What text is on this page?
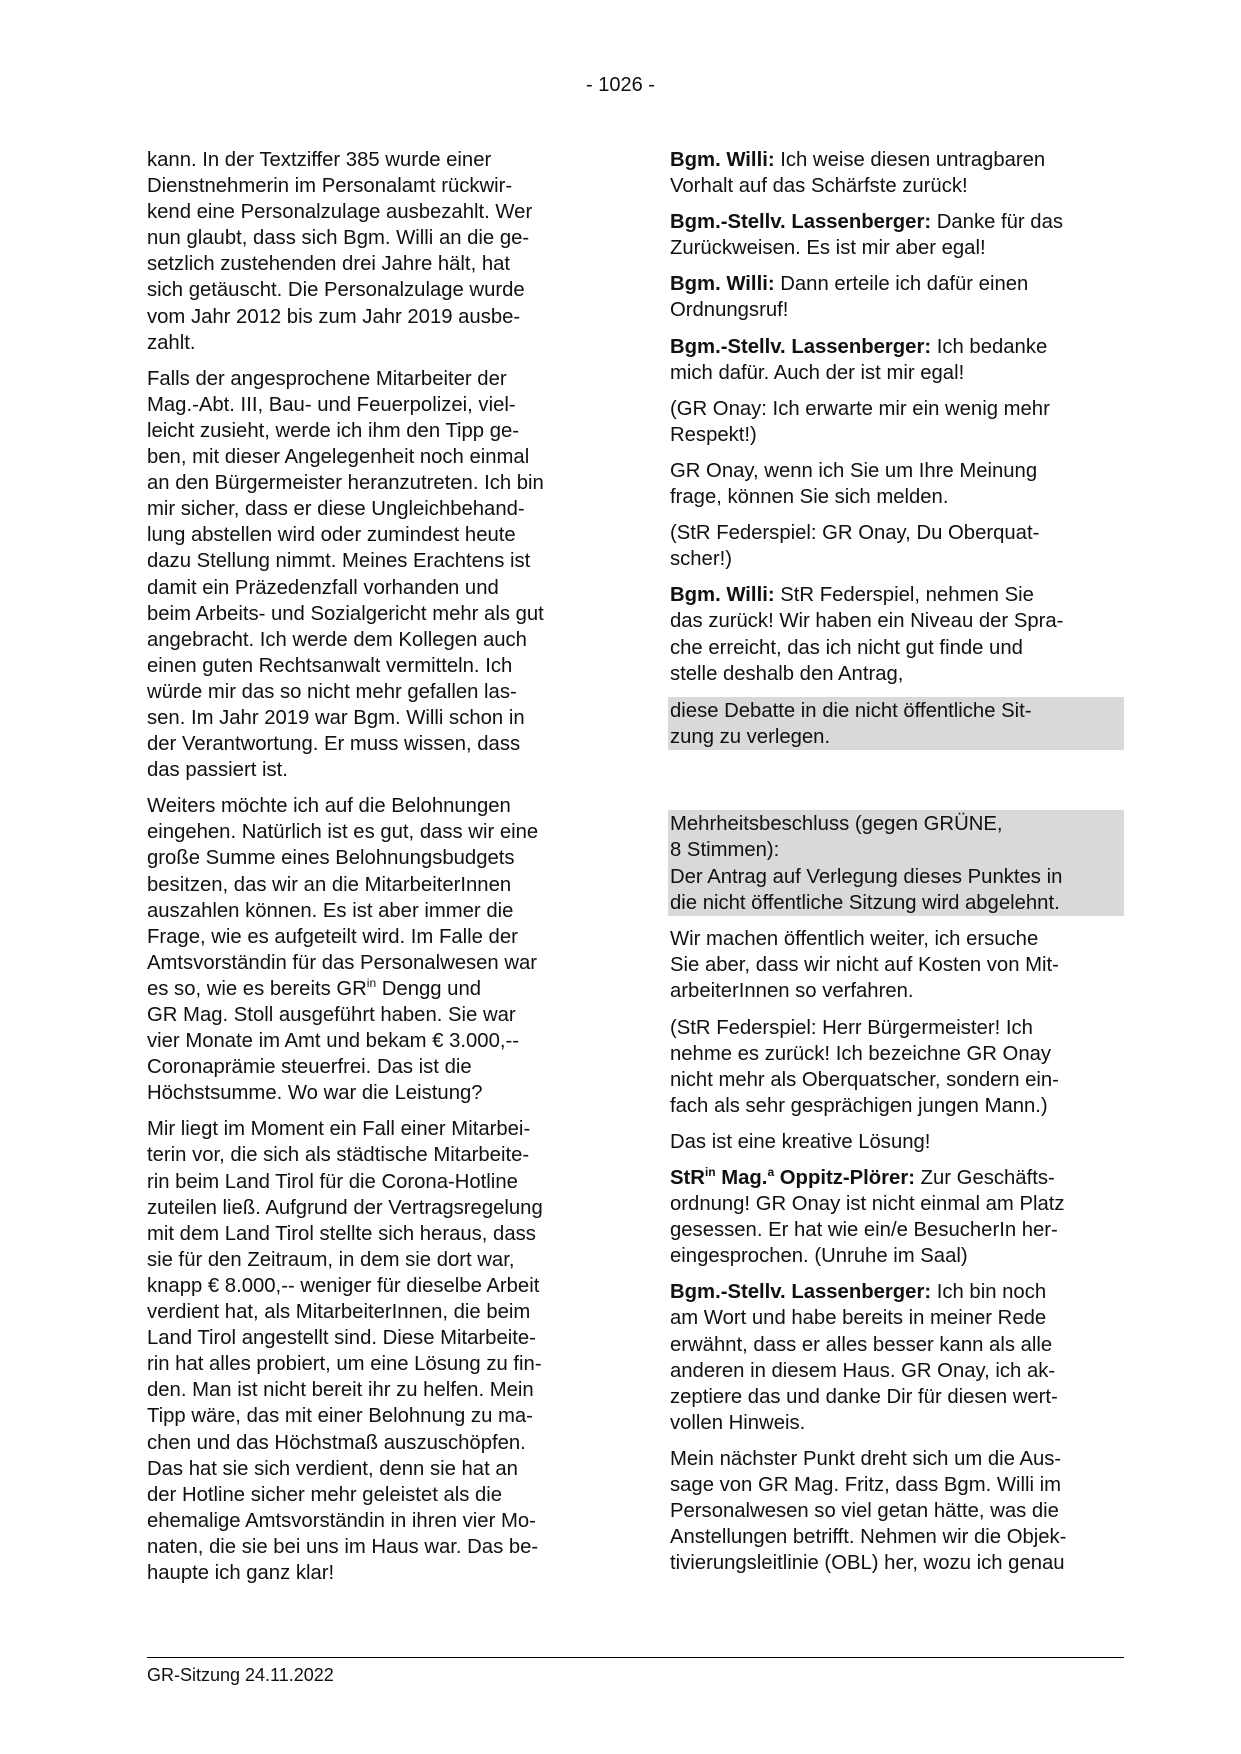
- 1026 -

kann. In der Textziffer 385 wurde einer
Dienstnehmerin im Personalamt rückwir-
kend eine Personalzulage ausbezahlt. Wer
nun glaubt, dass sich Bgm. Willi an die ge-
setzlich zustehenden drei Jahre hält, hat
sich getäuscht. Die Personalzulage wurde
vom Jahr 2012 bis zum Jahr 2019 ausbe-
zahlt.

Falls der angesprochene Mitarbeiter der
Mag.-Abt. III, Bau- und Feuerpolizei, viel-
leicht zusieht, werde ich ihm den Tipp ge-
ben, mit dieser Angelegenheit noch einmal
an den Bürgermeister heranzutreten. Ich bin
mir sicher, dass er diese Ungleichbehand-
lung abstellen wird oder zumindest heute
dazu Stellung nimmt. Meines Erachtens ist
damit ein Präzedenzfall vorhanden und
beim Arbeits- und Sozialgericht mehr als gut
angebracht. Ich werde dem Kollegen auch
einen guten Rechtsanwalt vermitteln. Ich
würde mir das so nicht mehr gefallen las-
sen. Im Jahr 2019 war Bgm. Willi schon in
der Verantwortung. Er muss wissen, dass
das passiert ist.

Weiters möchte ich auf die Belohnungen
eingehen. Natürlich ist es gut, dass wir eine
große Summe eines Belohnungsbudgets
besitzen, das wir an die MitarbeiterInnen
auszahlen können. Es ist aber immer die
Frage, wie es aufgeteilt wird. Im Falle der
Amtsvorständin für das Personalwesen war
es so, wie es bereits $GR^{in}$ Dengg und
GR Mag. Stoll ausgeführt haben. Sie war
vier Monate im Amt und bekam € 3.000,--
Coronaprämie steuerfrei. Das ist die
Höchstsumme. Wo war die Leistung?

Mir liegt im Moment ein Fall einer Mitarbei-
terin vor, die sich als städtische Mitarbeite-
rin beim Land Tirol für die Corona-Hotline
zuteilen ließ. Aufgrund der Vertragsregelung
mit dem Land Tirol stellte sich heraus, dass
sie für den Zeitraum, in dem sie dort war,
knapp € 8.000,-- weniger für dieselbe Arbeit
verdient hat, als MitarbeiterInnen, die beim
Land Tirol angestellt sind. Diese Mitarbeite-
rin hat alles probiert, um eine Lösung zu fin-
den. Man ist nicht bereit ihr zu helfen. Mein
Tipp wäre, das mit einer Belohnung zu ma-
chen und das Höchstmaß auszuschöpfen.
Das hat sie sich verdient, denn sie hat an
der Hotline sicher mehr geleistet als die
ehemalige Amtsvorständin in ihren vier Mo-
naten, die sie bei uns im Haus war. Das be-
haupte ich ganz klar!

Bgm. Willi: Ich weise diesen untragbaren
Vorhalt auf das Schärfste zurück!

Bgm.-Stellv. Lassenberger: Danke für das
Zurückweisen. Es ist mir aber egal!

Bgm. Willi: Dann erteile ich dafür einen
Ordnungsruf!

Bgm.-Stellv. Lassenberger: Ich bedanke
mich dafür. Auch der ist mir egal!

(GR Onay: Ich erwarte mir ein wenig mehr
Respekt!)

GR Onay, wenn ich Sie um Ihre Meinung
frage, können Sie sich melden.

(StR Federspiel: GR Onay, Du Oberquat-
scher!)

Bgm. Willi: StR Federspiel, nehmen Sie
das zurück! Wir haben ein Niveau der Spra-
che erreicht, das ich nicht gut finde und
stelle deshalb den Antrag,

diese Debatte in die nicht öffentliche Sit-
zung zu verlegen.
Mehrheitsbeschluss (gegen GRÜNE,
8 Stimmen):
Der Antrag auf Verlegung dieses Punktes in
die nicht öffentliche Sitzung wird abgelehnt.

Wir machen öffentlich weiter, ich ersuche
Sie aber, dass wir nicht auf Kosten von Mit-
arbeiterInnen so verfahren.

(StR Federspiel: Herr Bürgermeister! Ich
nehme es zurück! Ich bezeichne GR Onay
nicht mehr als Oberquatscher, sondern ein-
fach als sehr gesprächigen jungen Mann.)

Das ist eine kreative Lösung!

StR$^{in}$ Mag.$^a$ Oppitz-Plörer: Zur Geschäfts-
ordnung! GR Onay ist nicht einmal am Platz
gesessen. Er hat wie ein/e BesucherIn her-
eingesprochen. (Unruhe im Saal)

Bgm.-Stellv. Lassenberger: Ich bin noch
am Wort und habe bereits in meiner Rede
erwähnt, dass er alles besser kann als alle
anderen in diesem Haus. GR Onay, ich ak-
zeptiere das und danke Dir für diesen wert-
vollen Hinweis.

Mein nächster Punkt dreht sich um die Aus-
sage von GR Mag. Fritz, dass Bgm. Willi im
Personalwesen so viel getan hätte, was die
Anstellungen betrifft. Nehmen wir die Objek-
tivierungsleitlinie (OBL) her, wozu ich genau

GR-Sitzung 24.11.2022
